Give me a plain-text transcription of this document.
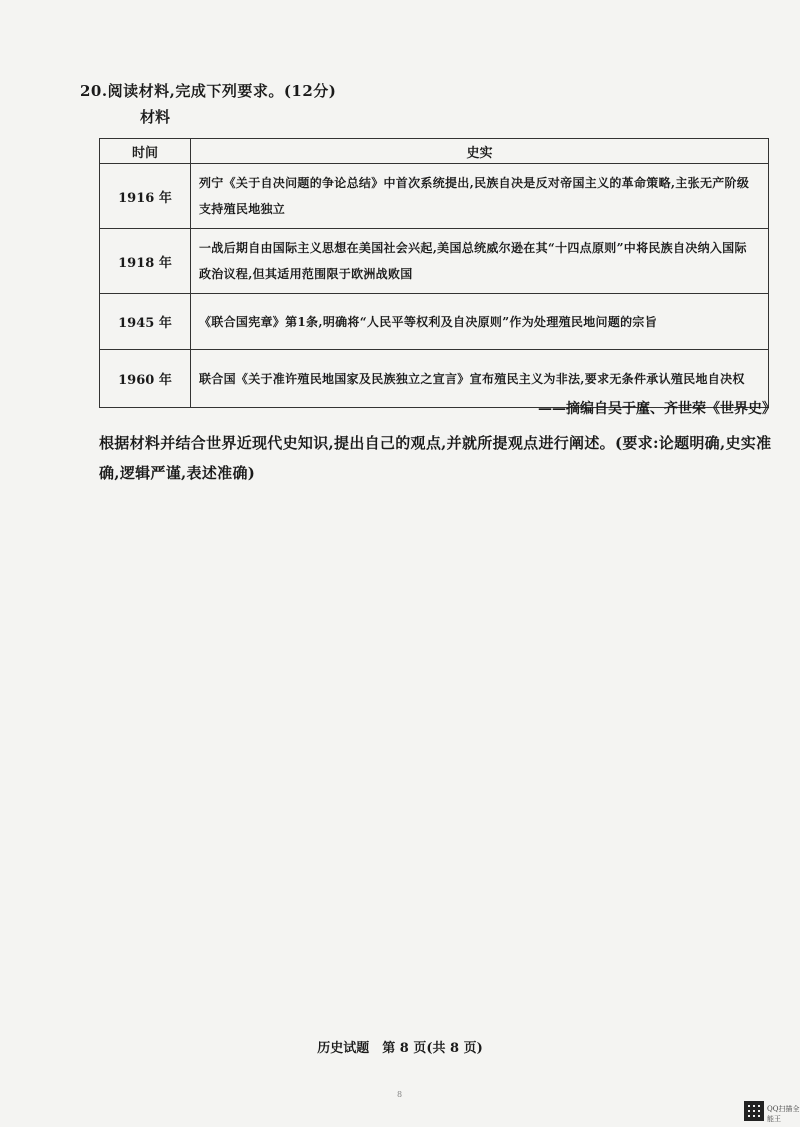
20.阅读材料,完成下列要求。(12分)
材料
时间	史实
1916 年	列宁《关于自决问题的争论总结》中首次系统提出,民族自决是反对帝国主义的革命策略,主张无产阶级支持殖民地独立
1918 年	一战后期自由国际主义思想在美国社会兴起,美国总统威尔逊在其“十四点原则”中将民族自决纳入国际政治议程,但其适用范围限于欧洲战败国
1945 年	《联合国宪章》第1条,明确将“人民平等权利及自决原则”作为处理殖民地问题的宗旨
1960 年	联合国《关于准许殖民地国家及民族独立之宣言》宣布殖民主义为非法,要求无条件承认殖民地自决权
——摘编自吴于廑、齐世荣《世界史》
根据材料并结合世界近现代史知识,提出自己的观点,并就所提观点进行阐述。(要求:论题明确,史实准确,逻辑严谨,表述准确)
历史试题　第 8 页(共 8 页)
8
QQ扫描全能王
